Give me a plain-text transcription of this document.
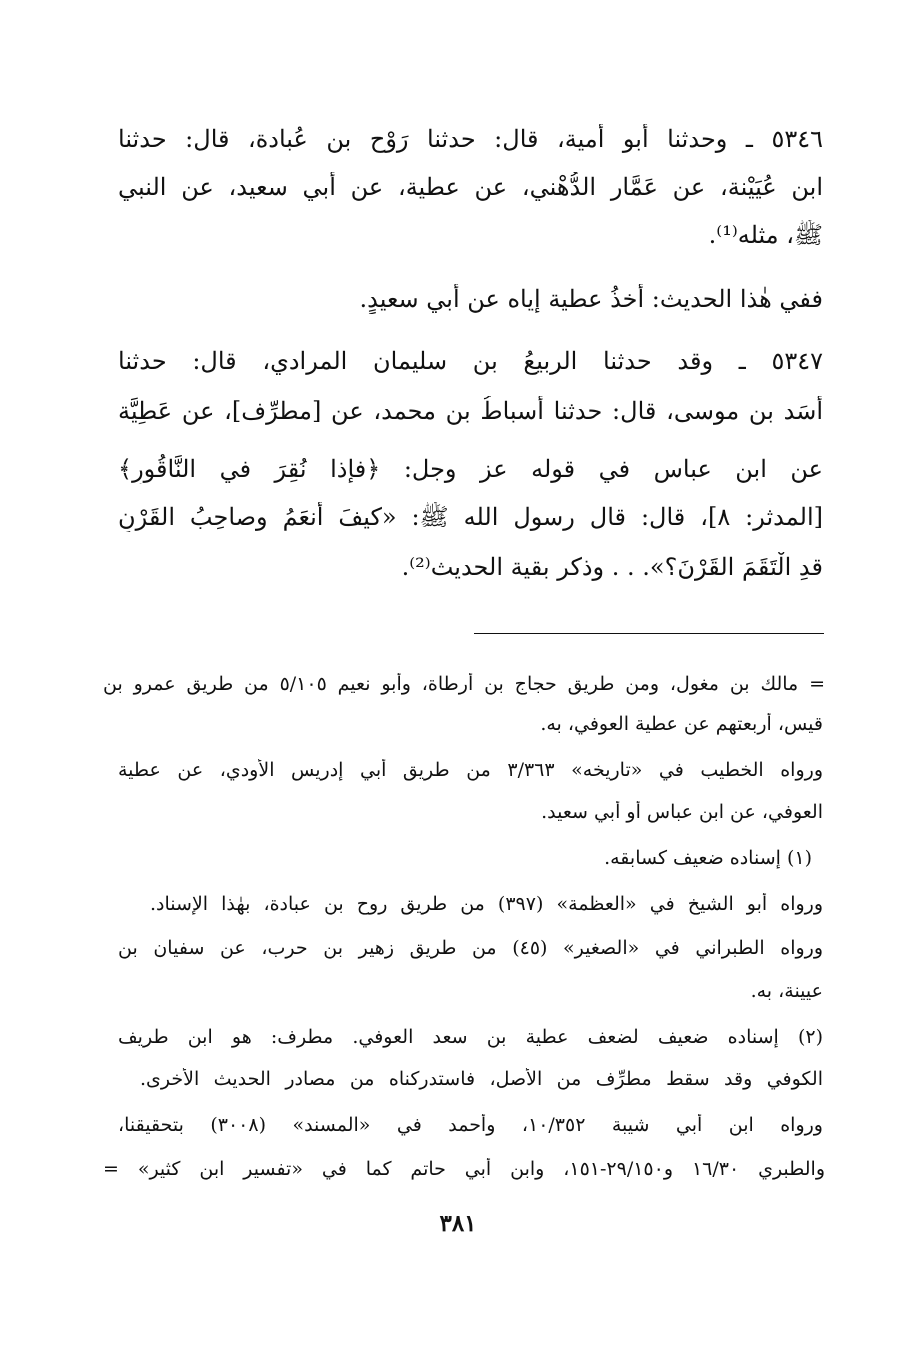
٥٣٤٦ ـ وحدثنا أبو أمية، قال: حدثنا رَوْح بن عُبادة، قال: حدثنا
ابن عُيَيْنة، عن عَمَّار الدُّهْني، عن عطية، عن أبي سعيد، عن النبي
ﷺ، مثله⁽¹⁾.
ففي هٰذا الحديث: أَخذُ عطية إياه عن أبي سعيدٍ.
٥٣٤٧ ـ وقد حدثنا الربيعُ بن سليمان المرادي، قال: حدثنا
أَسَد بن موسى، قال: حدثنا أَسباطُ بن محمد، عن [مطرِّف]، عن عَطِيَّة
عن ابن عباس في قوله عز وجل: ﴿فإذا نُقِرَ في النَّاقُورِ﴾
[المدثر: ٨]، قال: قال رسول الله ﷺ: «كيفَ أنعَمُ وصاحِبُ القَرْنِ
قدِ الْتَقَمَ القَرْنَ؟». . . وذكر بقية الحديث⁽²⁾.
= مالك بن مغول، ومن طريق حجاج بن أرطاة، وأبو نعيم ٥/١٠٥ من طريق عمرو بن
قيس، أربعتهم عن عطية العوفي، به.
ورواه الخطيب في «تاريخه» ٣/٣٦٣ من طريق أبي إدريس الأودي، عن عطية
العوفي، عن ابن عباس أو أبي سعيد.
(١) إسناده ضعيف كسابقه.
ورواه أبو الشيخ في «العظمة» (٣٩٧) من طريق روح بن عبادة، بهٰذا الإسناد.
ورواه الطبراني في «الصغير» (٤٥) من طريق زهير بن حرب، عن سفيان بن
عيينة، به.
(٢) إسناده ضعيف لضعف عطية بن سعد العوفي. مطرف: هو ابن طريف
الكوفي وقد سقط مطرِّف من الأصل، فاستدركناه من مصادر الحديث الأخرى.
ورواه ابن أبي شيبة ١٠/٣٥٢، وأحمد في «المسند» (٣٠٠٨) بتحقيقنا،
والطبري ١٦/٣٠ و٢٩/١٥٠-١٥١، وابن أبي حاتم كما في «تفسير ابن كثير» =
٣٨١
